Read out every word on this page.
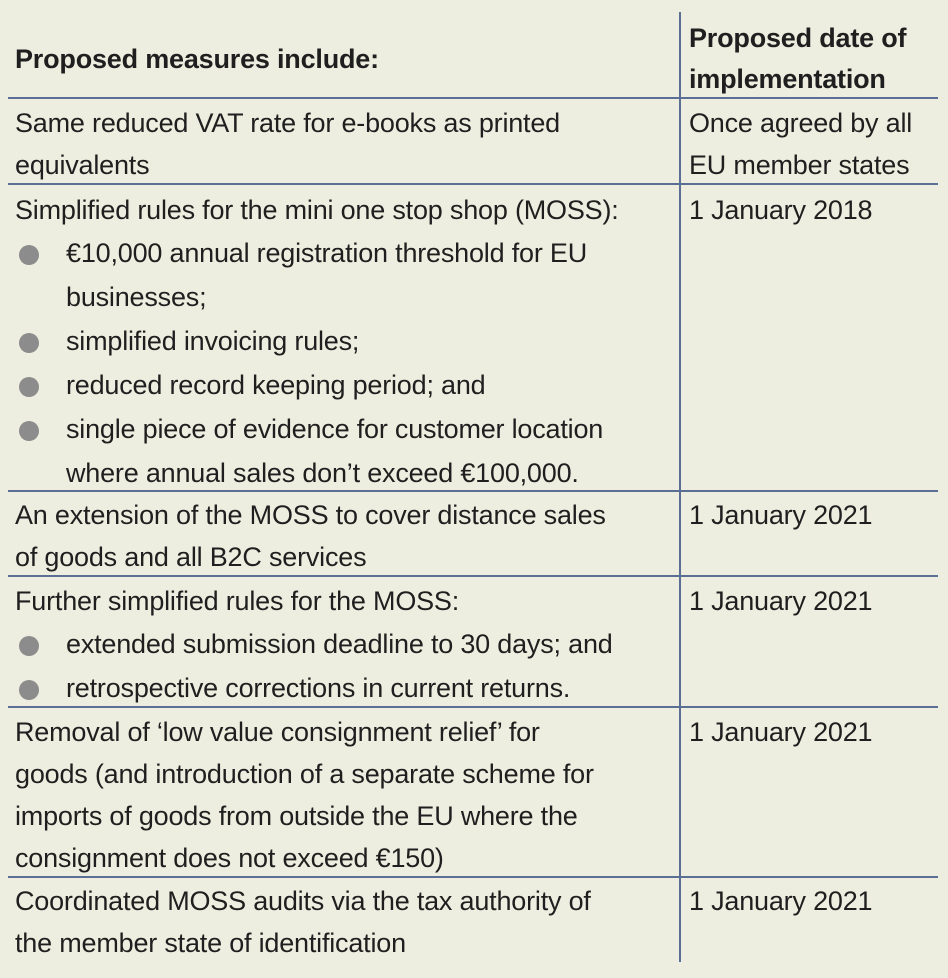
Proposed measures include:
Proposed date of
implementation
Same reduced VAT rate for e-books as printed
equivalents
Once agreed by all
EU member states
Simplified rules for the mini one stop shop (MOSS):
€10,000 annual registration threshold for EU
businesses;
simplified invoicing rules;
reduced record keeping period; and
single piece of evidence for customer location
where annual sales don’t exceed €100,000.
1 January 2018
An extension of the MOSS to cover distance sales
of goods and all B2C services
1 January 2021
Further simplified rules for the MOSS:
extended submission deadline to 30 days; and
retrospective corrections in current returns.
1 January 2021
Removal of ‘low value consignment relief’ for
goods (and introduction of a separate scheme for
imports of goods from outside the EU where the
consignment does not exceed €150)
1 January 2021
Coordinated MOSS audits via the tax authority of
the member state of identification
1 January 2021
